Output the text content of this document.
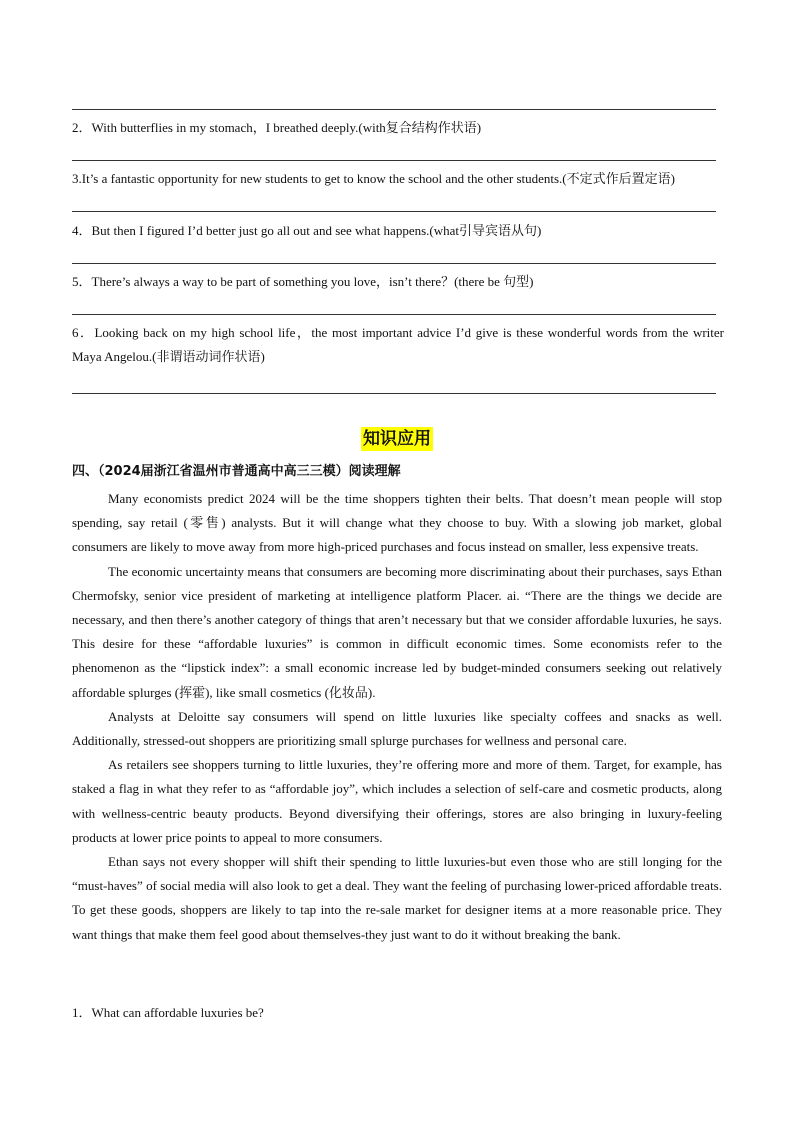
2．With butterflies in my stomach，I breathed deeply.(with复合结构作状语)
3.It’s a fantastic opportunity for new students to get to know the school and the other students.(不定式作后置定语)
4．But then I figured I’d better just go all out and see what happens.(what引导宾语从句)
5．There’s always a way to be part of something you love，isn’t there？(there be 句型)
6．Looking back on my high school life，the most important advice I’d give is these wonderful words from the writer Maya Angelou.(非谓语动词作状语)
知识应用
四、（2024届浙江省温州市普通高中高三三模）阅读理解

Many economists predict 2024 will be the time shoppers tighten their belts. That doesn’t mean people will stop spending, say retail (零售) analysts. But it will change what they choose to buy. With a slowing job market, global consumers are likely to move away from more high-priced purchases and focus instead on smaller, less expensive treats.

The economic uncertainty means that consumers are becoming more discriminating about their purchases, says Ethan Chermofsky, senior vice president of marketing at intelligence platform Placer. ai. “There are the things we decide are necessary, and then there’s another category of things that aren’t necessary but that we consider affordable luxuries, he says. This desire for these “affordable luxuries” is common in difficult economic times. Some economists refer to the phenomenon as the “lipstick index”: a small economic increase led by budget-minded consumers seeking out relatively affordable splurges (挥霍), like small cosmetics (化妆品).

Analysts at Deloitte say consumers will spend on little luxuries like specialty coffees and snacks as well. Additionally, stressed-out shoppers are prioritizing small splurge purchases for wellness and personal care.

As retailers see shoppers turning to little luxuries, they’re offering more and more of them. Target, for example, has staked a flag in what they refer to as “affordable joy”, which includes a selection of self-care and cosmetic products, along with wellness-centric beauty products. Beyond diversifying their offerings, stores are also bringing in luxury-feeling products at lower price points to appeal to more consumers.

Ethan says not every shopper will shift their spending to little luxuries-but even those who are still longing for the “must-haves” of social media will also look to get a deal. They want the feeling of purchasing lower-priced affordable treats. To get these goods, shoppers are likely to tap into the re-sale market for designer items at a more reasonable price. They want things that make them feel good about themselves-they just want to do it without breaking the bank.

1．What can affordable luxuries be?
